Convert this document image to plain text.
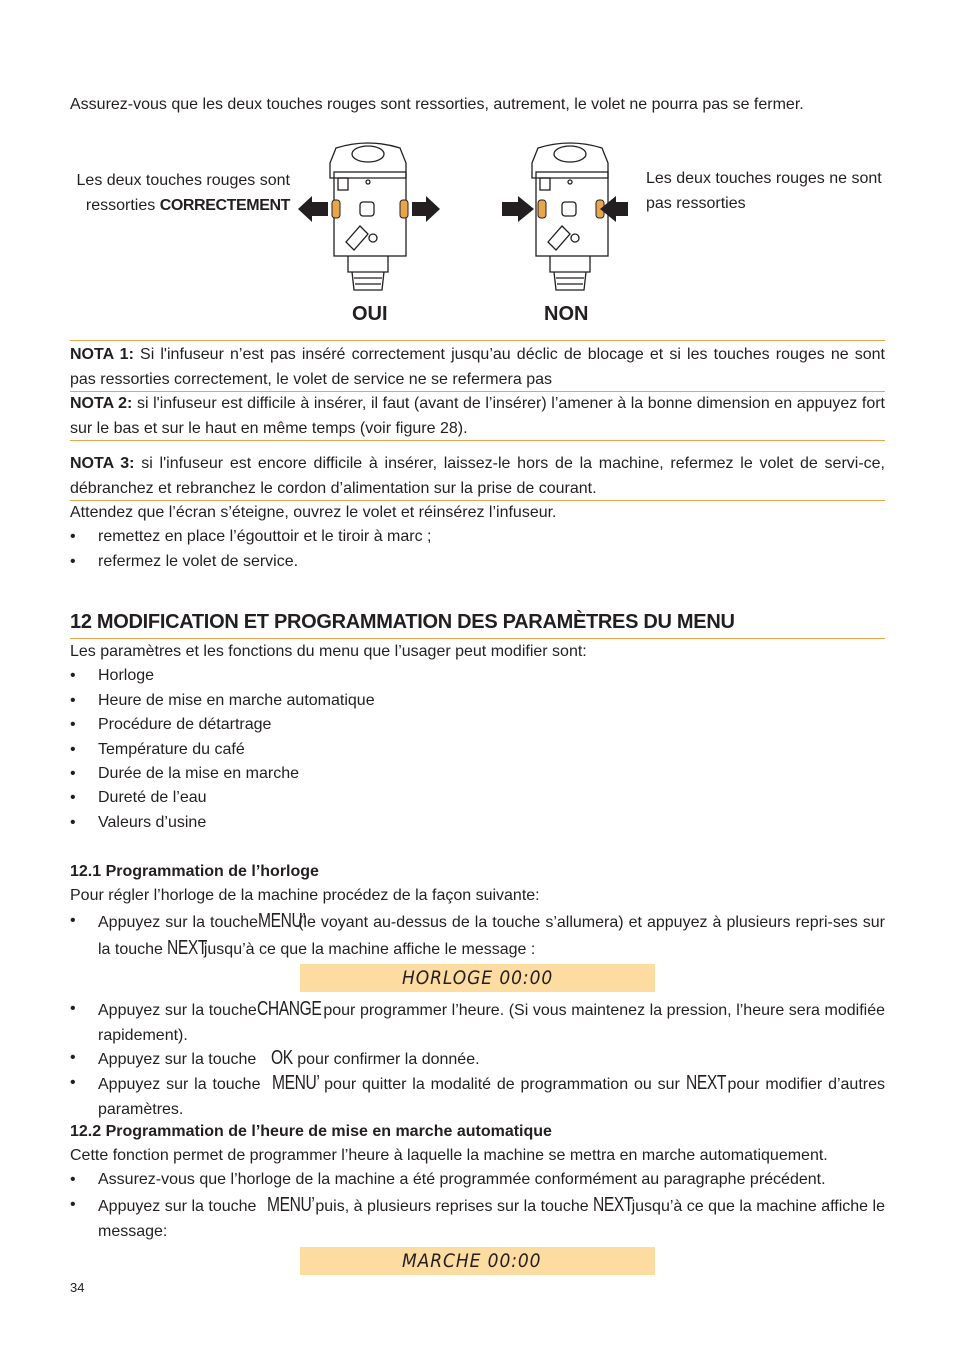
Assurez-vous que les deux touches rouges sont ressorties, autrement, le volet ne pourra pas se fermer.
Les deux touches rouges sont
ressorties CORRECTEMENT
Les deux touches rouges ne sont
pas ressorties
OUI	NON
NOTA 1: Si l'infuseur n’est pas inséré correctement jusqu’au déclic de blocage et si les touches rouges ne sont pas ressorties correctement, le volet de service ne se refermera pas
NOTA 2: si l'infuseur est difficile à insérer, il faut (avant de l’insérer) l’amener à la bonne dimension en appuyez fort sur le bas et sur le haut en même temps (voir figure 28).
NOTA 3: si l'infuseur est encore difficile à insérer, laissez-le hors de la machine, refermez le volet de servi-ce, débranchez et rebranchez le cordon d’alimentation sur la prise de courant.
Attendez que l’écran s’éteigne, ouvrez le volet et réinsérez l’infuseur.
• remettez en place l’égouttoir et le tiroir à marc ;
• refermez le volet de service.
12 MODIFICATION ET PROGRAMMATION DES PARAMÈTRES DU MENU
Les paramètres et les fonctions du menu que l’usager peut modifier sont:
• Horloge
• Heure de mise en marche automatique
• Procédure de détartrage
• Température du café
• Durée de la mise en marche
• Dureté de l’eau
• Valeurs d’usine
12.1 Programmation de l’horloge
Pour régler l’horloge de la machine procédez de la façon suivante:
• Appuyez sur la toucheMENU’(le voyant au-dessus de la touche s’allumera) et appuyez à plusieurs repri-ses sur la touche NEXT jusqu’à ce que la machine affiche le message :
HORLOGE 00:00
• Appuyez sur la toucheCHANGE pour programmer l’heure. (Si vous maintenez la pression, l’heure sera modifiée rapidement).
• Appuyez sur la touche OK pour confirmer la donnée.
• Appuyez sur la touche MENU’ pour quitter la modalité de programmation ou sur NEXT pour modifier d’autres paramètres.
12.2 Programmation de l’heure de mise en marche automatique
Cette fonction permet de programmer l’heure à laquelle la machine se mettra en marche automatiquement.
• Assurez-vous que l’horloge de la machine a été programmée conformément au paragraphe précédent.
• Appuyez sur la touche MENU’ puis, à plusieurs reprises sur la touche NEXT jusqu’à ce que la machine affiche le message:
MARCHE 00:00
34
